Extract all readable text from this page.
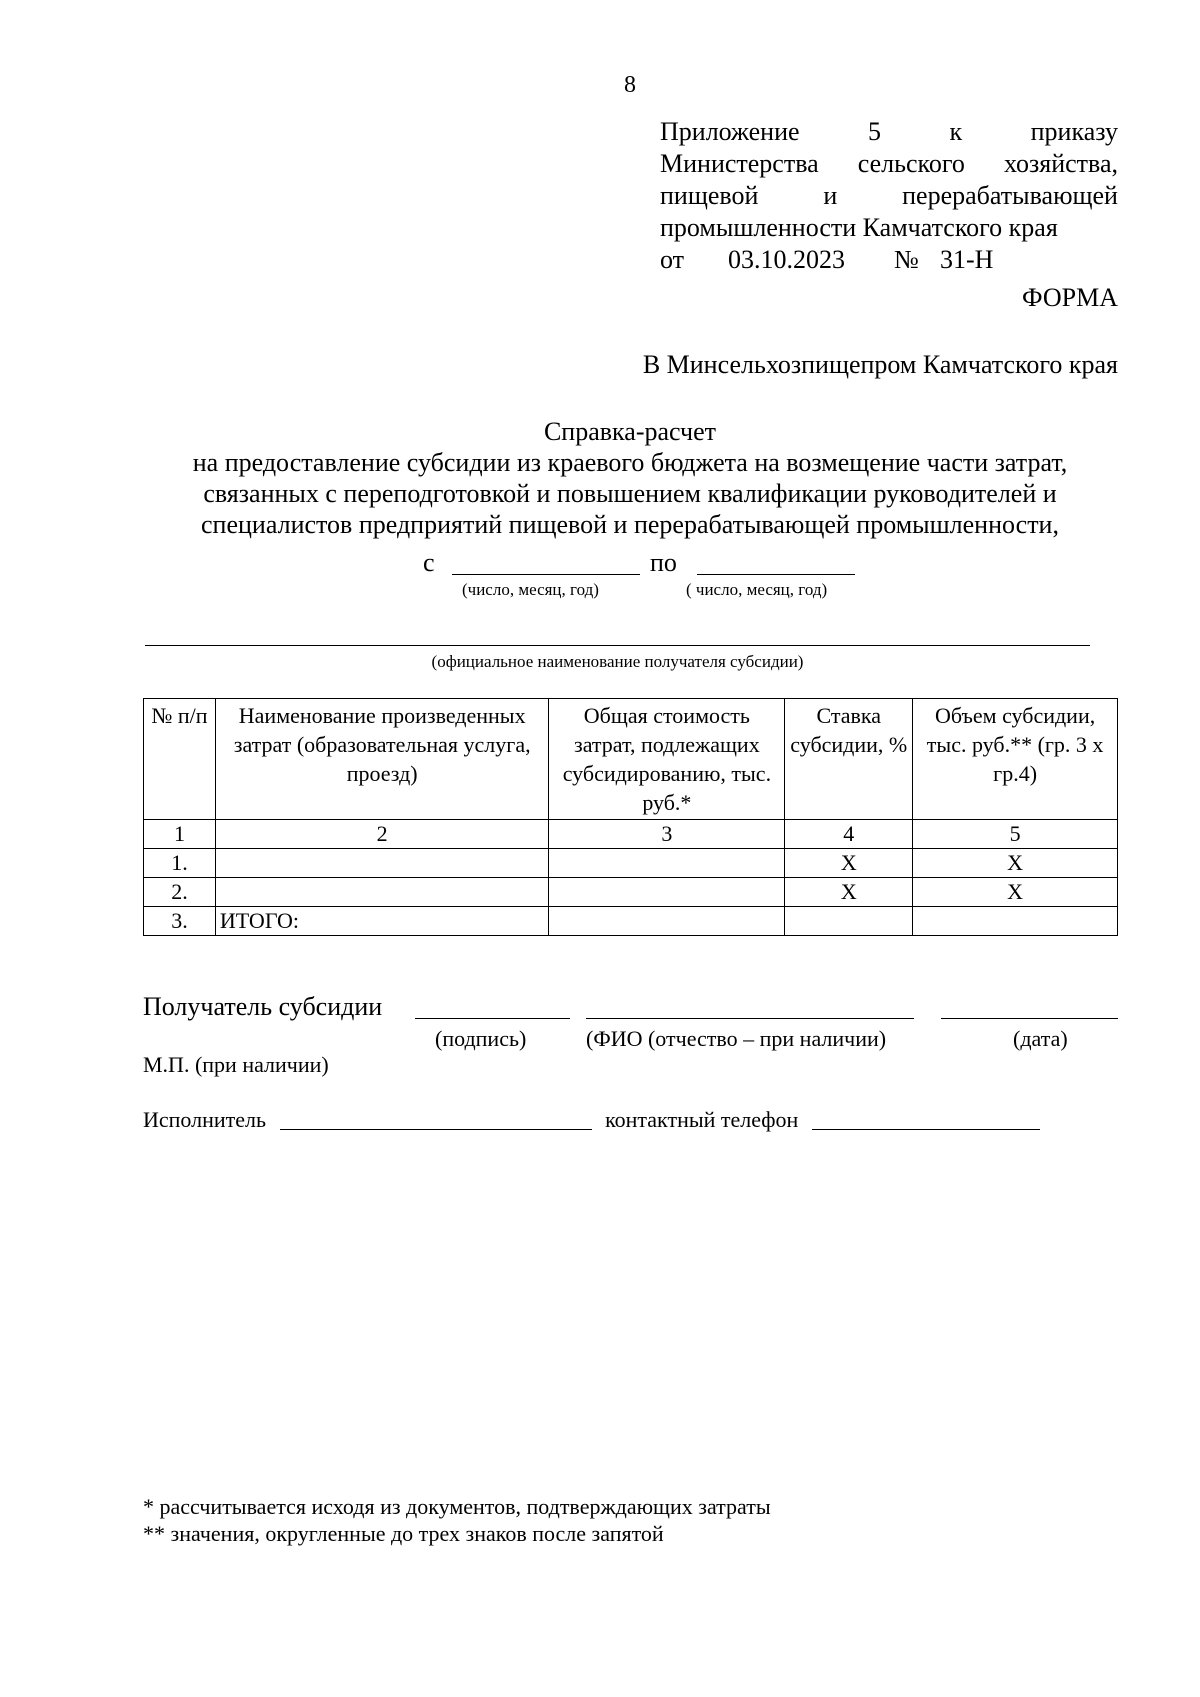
8
Приложение	5	к	приказу
Министерства сельского хозяйства,
пищевой и перерабатывающей
промышленности Камчатского края
от	03.10.2023	№ 31-Н
ФОРМА
В Минсельхозпищепром Камчатского края
Справка-расчет
на предоставление субсидии из краевого бюджета на возмещение части затрат,
связанных с переподготовкой и повышением квалификации руководителей и
специалистов предприятий пищевой и перерабатывающей промышленности,
с	по
(число, месяц, год)	( число, месяц, год)
(официальное наименование получателя субсидии)
№ п/п	Наименование произведенных затрат (образовательная услуга, проезд)	Общая стоимость затрат, подлежащих субсидированию, тыс. руб.*	Ставка субсидии, %	Объем субсидии, тыс. руб.** (гр. 3 х гр.4)
1	2	3	4	5
1.			Х	Х
2.			Х	Х
3.	ИТОГО:			
Получатель субсидии
(подпись)	(ФИО (отчество – при наличии)	(дата)
М.П. (при наличии)
Исполнитель	контактный телефон
* рассчитывается исходя из документов, подтверждающих затраты
** значения, округленные до трех знаков после запятой
